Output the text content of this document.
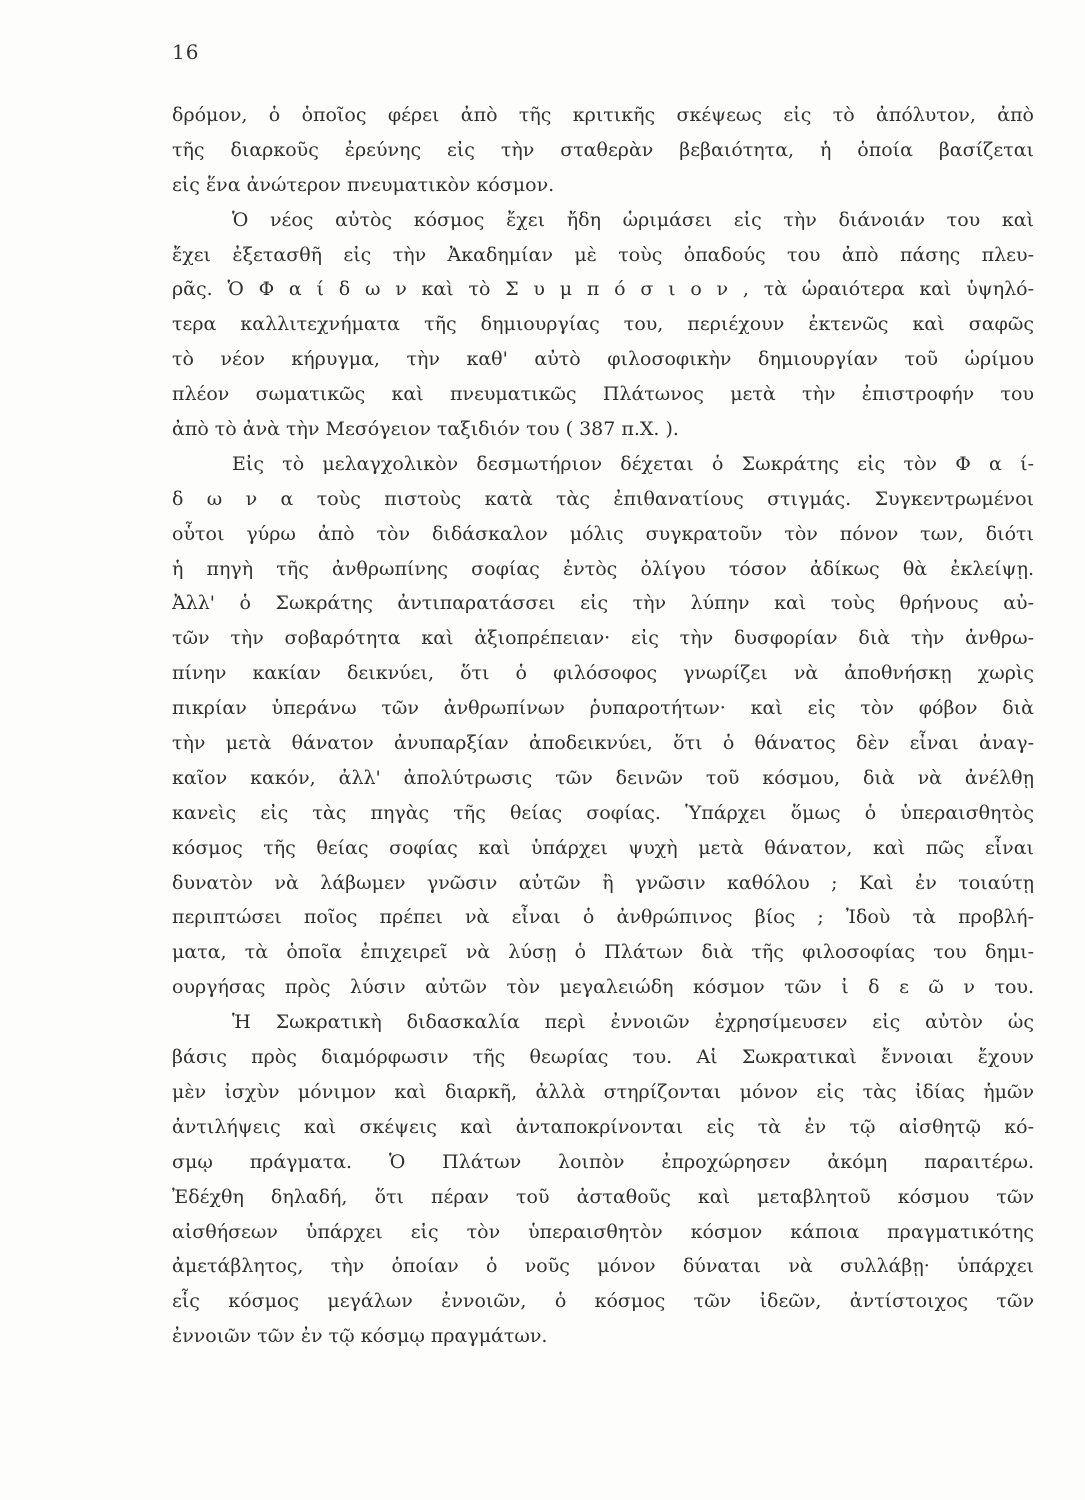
16
δρόμον, ὁ ὁποῖος φέρει ἀπὸ τῆς κριτικῆς σκέψεως εἰς τὸ ἀπόλυτον, ἀπὸ
τῆς διαρκοῦς ἐρεύνης εἰς τὴν σταθερὰν βεβαιότητα, ἡ ὁποία βασίζεται
εἰς ἕνα ἀνώτερον πνευματικὸν κόσμον.
Ὁ νέος αὐτὸς κόσμος ἔχει ἤδη ὡριμάσει εἰς τὴν διάνοιάν του καὶ
ἔχει ἐξετασθῆ εἰς τὴν Ἀκαδημίαν μὲ τοὺς ὀπαδούς του ἀπὸ πάσης πλευ-
ρᾶς. Ὁ Φ α ί δ ω ν καὶ τὸ Σ υ μ π ό σ ι ο ν , τὰ ὡραιότερα καὶ ὑψηλό-
τερα καλλιτεχνήματα τῆς δημιουργίας του, περιέχουν ἐκτενῶς καὶ σαφῶς
τὸ νέον κήρυγμα, τὴν καθ' αὐτὸ φιλοσοφικὴν δημιουργίαν τοῦ ὡρίμου
πλέον σωματικῶς καὶ πνευματικῶς Πλάτωνος μετὰ τὴν ἐπιστροφήν του
ἀπὸ τὸ ἀνὰ τὴν Μεσόγειον ταξιδιόν του ( 387 π.Χ. ).
Εἰς τὸ μελαγχολικὸν δεσμωτήριον δέχεται ὁ Σωκράτης εἰς τὸν Φ α ί-
δ ω ν α τοὺς πιστοὺς κατὰ τὰς ἐπιθανατίους στιγμάς. Συγκεντρωμένοι
οὗτοι γύρω ἀπὸ τὸν διδάσκαλον μόλις συγκρατοῦν τὸν πόνον των, διότι
ἡ πηγὴ τῆς ἀνθρωπίνης σοφίας ἐντὸς ὀλίγου τόσον ἀδίκως θὰ ἐκλείψῃ.
Ἀλλ' ὁ Σωκράτης ἀντιπαρατάσσει εἰς τὴν λύπην καὶ τοὺς θρήνους αὐ-
τῶν τὴν σοβαρότητα καὶ ἀξιοπρέπειαν· εἰς τὴν δυσφορίαν διὰ τὴν ἀνθρω-
πίνην κακίαν δεικνύει, ὅτι ὁ φιλόσοφος γνωρίζει νὰ ἀποθνήσκῃ χωρὶς
πικρίαν ὑπεράνω τῶν ἀνθρωπίνων ῥυπαροτήτων· καὶ εἰς τὸν φόβον διὰ
τὴν μετὰ θάνατον ἀνυπαρξίαν ἀποδεικνύει, ὅτι ὁ θάνατος δὲν εἶναι ἀναγ-
καῖον κακόν, ἀλλ' ἀπολύτρωσις τῶν δεινῶν τοῦ κόσμου, διὰ νὰ ἀνέλθῃ
κανεὶς εἰς τὰς πηγὰς τῆς θείας σοφίας. Ὑπάρχει ὅμως ὁ ὑπεραισθητὸς
κόσμος τῆς θείας σοφίας καὶ ὑπάρχει ψυχὴ μετὰ θάνατον, καὶ πῶς εἶναι
δυνατὸν νὰ λάβωμεν γνῶσιν αὐτῶν ἢ γνῶσιν καθόλου ; Καὶ ἐν τοιαύτῃ
περιπτώσει ποῖος πρέπει νὰ εἶναι ὁ ἀνθρώπινος βίος ; Ἰδοὺ τὰ προβλή-
ματα, τὰ ὁποῖα ἐπιχειρεῖ νὰ λύσῃ ὁ Πλάτων διὰ τῆς φιλοσοφίας του δημι-
ουργήσας πρὸς λύσιν αὐτῶν τὸν μεγαλειώδη κόσμον τῶν ἰ δ ε ῶ ν του.
Ἡ Σωκρατικὴ διδασκαλία περὶ ἐννοιῶν ἐχρησίμευσεν εἰς αὐτὸν ὡς
βάσις πρὸς διαμόρφωσιν τῆς θεωρίας του. Αἱ Σωκρατικαὶ ἔννοιαι ἔχουν
μὲν ἰσχὺν μόνιμον καὶ διαρκῆ, ἀλλὰ στηρίζονται μόνον εἰς τὰς ἰδίας ἡμῶν
ἀντιλήψεις καὶ σκέψεις καὶ ἀνταποκρίνονται εἰς τὰ ἐν τῷ αἰσθητῷ κό-
σμῳ πράγματα. Ὁ Πλάτων λοιπὸν ἐπροχώρησεν ἀκόμη παραιτέρω.
Ἐδέχθη δηλαδή, ὅτι πέραν τοῦ ἀσταθοῦς καὶ μεταβλητοῦ κόσμου τῶν
αἰσθήσεων ὑπάρχει εἰς τὸν ὑπεραισθητὸν κόσμον κάποια πραγματικότης
ἀμετάβλητος, τὴν ὁποίαν ὁ νοῦς μόνον δύναται νὰ συλλάβῃ· ὑπάρχει
εἷς κόσμος μεγάλων ἐννοιῶν, ὁ κόσμος τῶν ἰδεῶν, ἀντίστοιχος τῶν
ἐννοιῶν τῶν ἐν τῷ κόσμῳ πραγμάτων.
